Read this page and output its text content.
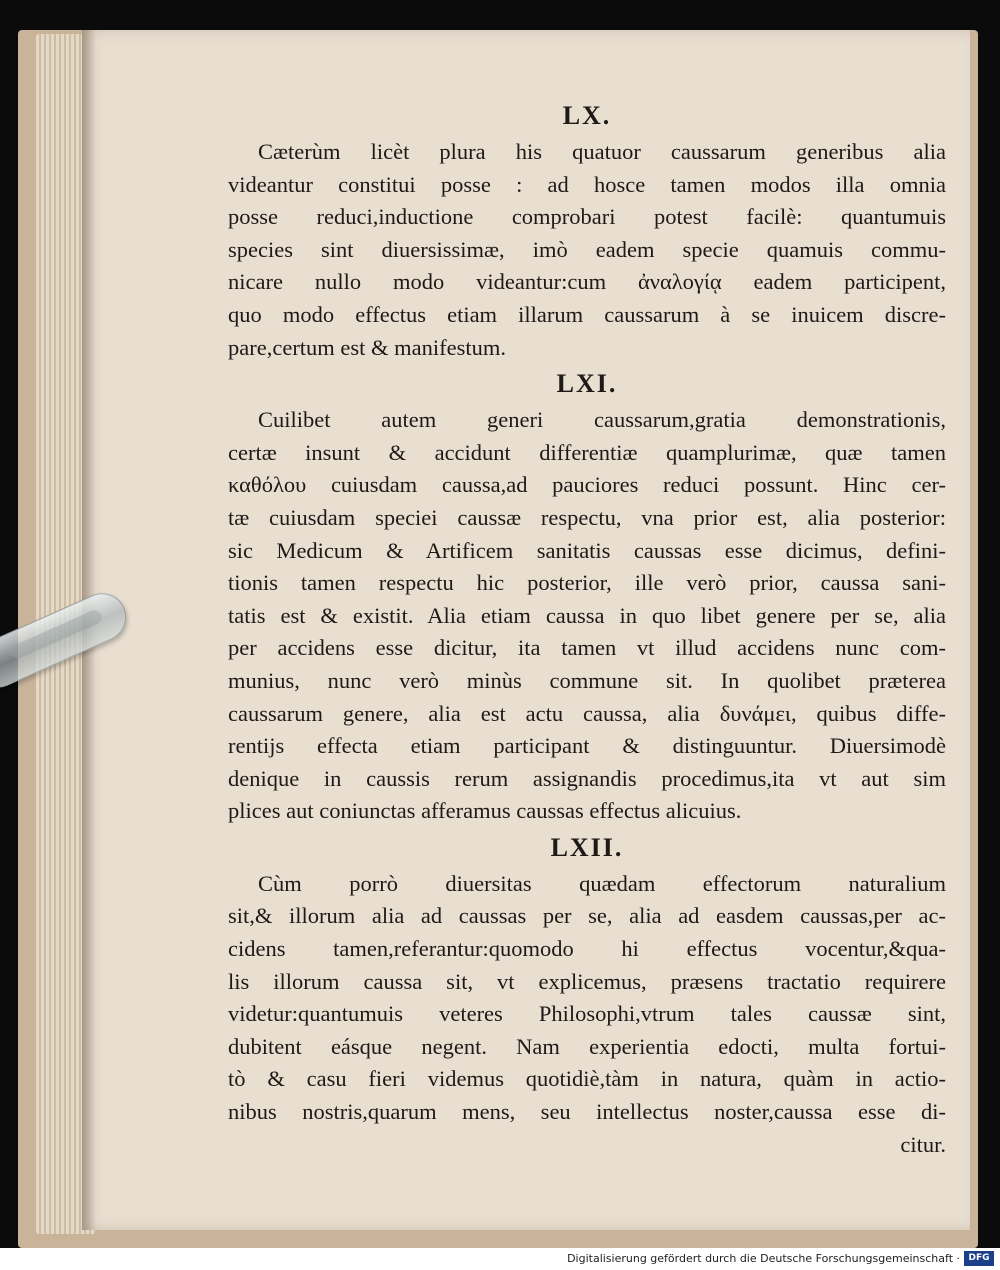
LX.
Cæterùm licèt plura his quatuor caussarum generibus alia
videantur constitui posse : ad hosce tamen modos illa omnia
posse reduci,inductione comprobari potest facilè: quantumuis
species sint diuersissimæ, imò eadem specie quamuis commu-
nicare nullo modo videantur:cum ἀναλογίᾳ eadem participent,
quo modo effectus etiam illarum caussarum à se inuicem discre-
pare,certum est & manifestum.
LXI.
Cuilibet autem generi caussarum,gratia demonstrationis,
certæ insunt & accidunt differentiæ quamplurimæ, quæ tamen
καθόλου cuiusdam caussa,ad pauciores reduci possunt. Hinc cer-
tæ cuiusdam speciei caussæ respectu, vna prior est, alia posterior:
sic Medicum & Artificem sanitatis caussas esse dicimus, defini-
tionis tamen respectu hic posterior, ille verò prior, caussa sani-
tatis est & existit. Alia etiam caussa in quo libet genere per se, alia
per accidens esse dicitur, ita tamen vt illud accidens nunc com-
munius, nunc verò minùs commune sit. In quolibet præterea
caussarum genere, alia est actu caussa, alia δυνάμει, quibus diffe-
rentijs effecta etiam participant & distinguuntur. Diuersimodè
denique in caussis rerum assignandis procedimus,ita vt aut sim
plices aut coniunctas afferamus caussas effectus alicuius.
LXII.
Cùm porrò diuersitas quædam effectorum naturalium
sit,& illorum alia ad caussas per se, alia ad easdem caussas,per ac-
cidens tamen,referantur:quomodo hi effectus vocentur,&qua-
lis illorum caussa sit, vt explicemus, præsens tractatio requirere
videtur:quantumuis veteres Philosophi,vtrum tales caussæ sint,
dubitent eásque negent. Nam experientia edocti, multa fortui-
tò & casu fieri videmus quotidiè,tàm in natura, quàm in actio-
nibus nostris,quarum mens, seu intellectus noster,caussa esse di-
citur.
Digitalisierung gefördert durch die Deutsche Forschungsgemeinschaft · DFG
